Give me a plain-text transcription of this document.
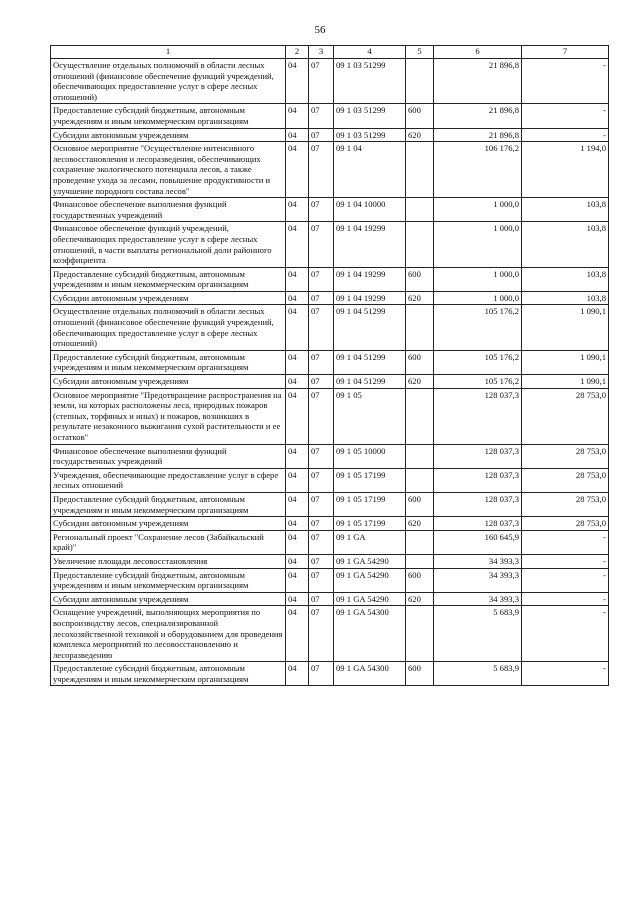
56
1	2	3	4	5	6	7
Осуществление отдельных полномочий в области лесных отношений (финансовое обеспечение функций учреждений, обеспечивающих предоставление услуг в сфере лесных отношений)	04	07	09 1 03 51299		21 896,8	-
Предоставление субсидий бюджетным, автономным учреждениям и иным некоммерческим организациям	04	07	09 1 03 51299	600	21 896,8	-
Субсидии автономным учреждениям	04	07	09 1 03 51299	620	21 896,8	-
Основное мероприятие "Осуществление интенсивного лесовосстановления и лесоразведения, обеспечивающих сохранение экологического потенциала лесов, а также проведение ухода за лесами, повышение продуктивности и улучшение породного состава лесов"	04	07	09 1 04		106 176,2	1 194,0
Финансовое обеспечение выполнения функций государственных учреждений	04	07	09 1 04 10000		1 000,0	103,8
Финансовое обеспечение функций учреждений, обеспечивающих предоставление услуг в сфере лесных отношений, в части выплаты региональной доли районного коэффициента	04	07	09 1 04 19299		1 000,0	103,8
Предоставление субсидий бюджетным, автономным учреждениям и иным некоммерческим организациям	04	07	09 1 04 19299	600	1 000,0	103,8
Субсидии автономным учреждениям	04	07	09 1 04 19299	620	1 000,0	103,8
Осуществление отдельных полномочий в области лесных отношений (финансовое обеспечение функций учреждений, обеспечивающих предоставление услуг в сфере лесных отношений)	04	07	09 1 04 51299		105 176,2	1 090,1
Предоставление субсидий бюджетным, автономным учреждениям и иным некоммерческим организациям	04	07	09 1 04 51299	600	105 176,2	1 090,1
Субсидии автономным учреждениям	04	07	09 1 04 51299	620	105 176,2	1 090,1
Основное мероприятие "Предотвращение распространения на земли, на которых расположены леса, природных пожаров (степных, торфяных и иных) и пожаров, возникших в результате незаконного выжигания сухой растительности и ее остатков"	04	07	09 1 05		128 037,3	28 753,0
Финансовое обеспечение выполнения функций государственных учреждений	04	07	09 1 05 10000		128 037,3	28 753,0
Учреждения, обеспечивающие предоставление услуг в сфере лесных отношений	04	07	09 1 05 17199		128 037,3	28 753,0
Предоставление субсидий бюджетным, автономным учреждениям и иным некоммерческим организациям	04	07	09 1 05 17199	600	128 037,3	28 753,0
Субсидии автономным учреждениям	04	07	09 1 05 17199	620	128 037,3	28 753,0
Региональный проект "Сохранение лесов (Забайкальский край)"	04	07	09 1 GA		160 645,9	-
Увеличение площади лесовосстановления	04	07	09 1 GA 54290		34 393,3	-
Предоставление субсидий бюджетным, автономным учреждениям и иным некоммерческим организациям	04	07	09 1 GA 54290	600	34 393,3	-
Субсидии автономным учреждениям	04	07	09 1 GA 54290	620	34 393,3	-
Оснащение учреждений, выполняющих мероприятия по воспроизводству лесов, специализированной лесохозяйственной техникой и оборудованием для проведения комплекса мероприятий по лесовосстановлению и лесоразведению	04	07	09 1 GA 54300		5 683,9	-
Предоставление субсидий бюджетным, автономным учреждениям и иным некоммерческим организациям	04	07	09 1 GA 54300	600	5 683,9	-
